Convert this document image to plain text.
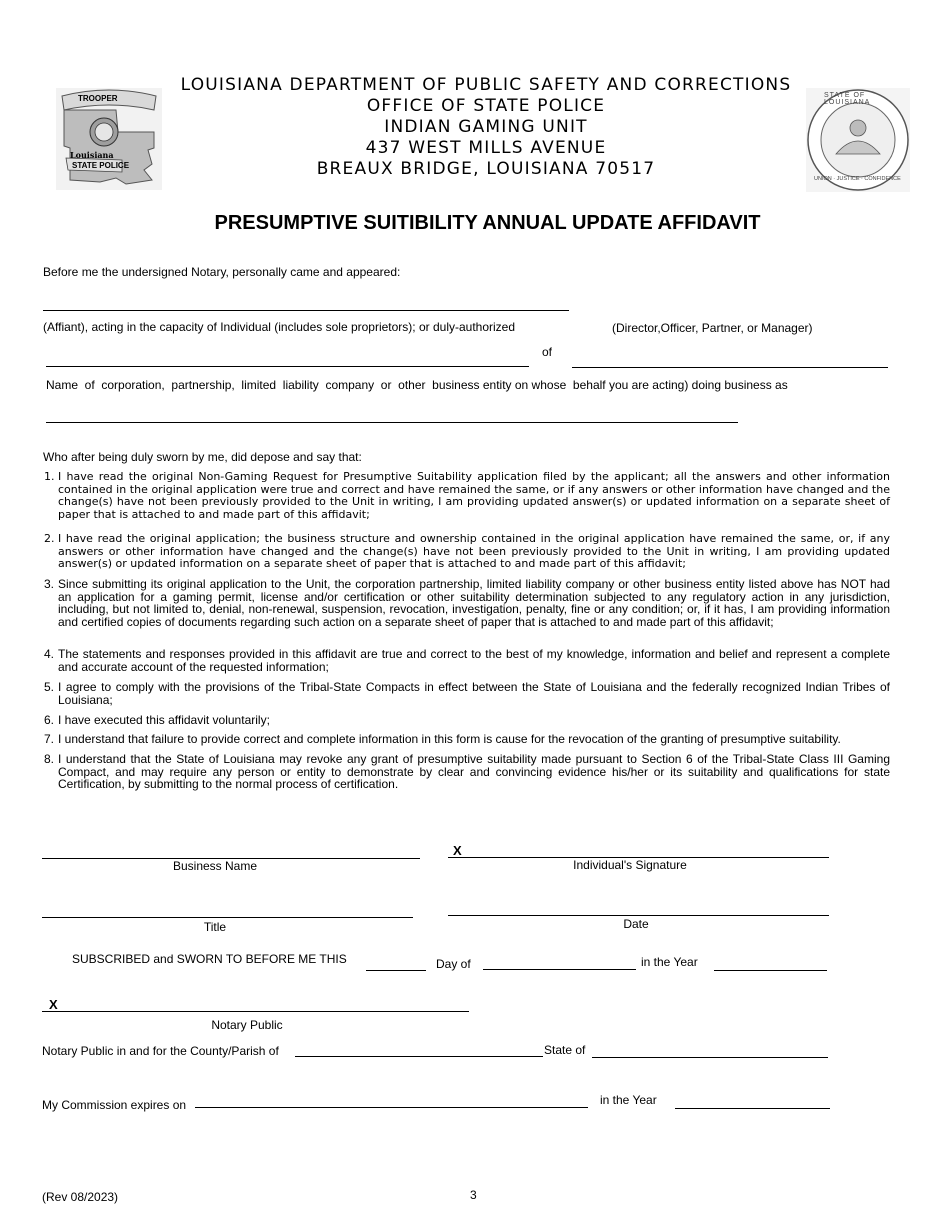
TROOPER
Louisiana
STATE POLICE
STATE OF LOUISIANA
UNION · JUSTICE · CONFIDENCE
LOUISIANA DEPARTMENT OF PUBLIC SAFETY AND CORRECTIONS
OFFICE OF STATE POLICE
INDIAN GAMING UNIT
437 WEST MILLS AVENUE
BREAUX BRIDGE, LOUISIANA 70517
PRESUMPTIVE SUITIBILITY ANNUAL UPDATE AFFIDAVIT
Before me the undersigned Notary, personally came and appeared:
(Affiant), acting in the capacity of Individual (includes sole proprietors); or duly-authorized	(Director,Officer, Partner, or Manager)
of
Name  of  corporation,  partnership,  limited  liability  company  or  other  business entity on whose  behalf you are acting) doing business as
Who after being duly sworn by me, did depose and say that:
1. I have read the original Non-Gaming Request for Presumptive Suitability application filed by the applicant; all the answers and other information contained in the original application were true and correct and have remained the same, or if any answers or other information have changed and the change(s) have not been previously provided to the Unit in writing, I am providing updated answer(s) or updated information on a separate sheet of paper that is attached to and made part of this affidavit;
2. I have read the original application; the business structure and ownership contained in the original application have remained the same, or, if any answers or other information have changed and the change(s) have not been previously provided to the Unit in writing, I am providing updated answer(s) or updated information on a separate sheet of paper that is attached to and made part of this affidavit;
3. Since submitting its original application to the Unit, the corporation partnership, limited liability company or other business entity listed above has NOT had an application for a gaming permit, license and/or certification or other suitability determination subjected to any regulatory action in any jurisdiction, including, but not limited to, denial, non-renewal, suspension, revocation, investigation, penalty, fine or any condition; or, if it has, I am providing information and certified copies of documents regarding such action on a separate sheet of paper that is attached to and made part of this affidavit;
4. The statements and responses provided in this affidavit are true and correct to the best of my knowledge, information and belief and represent a complete and accurate account of the requested information;
5. I agree to comply with the provisions of the Tribal-State Compacts in effect between the State of Louisiana and the federally recognized Indian Tribes of Louisiana;
6. I have executed this affidavit voluntarily;
7. I understand that failure to provide correct and complete information in this form is cause for the revocation of the granting of presumptive suitability.
8. I understand that the State of Louisiana may revoke any grant of presumptive suitability made pursuant to Section 6 of the Tribal-State Class III Gaming Compact, and may require any person or entity to demonstrate by clear and convincing evidence his/her or its suitability and qualifications for state Certification, by submitting to the normal process of certification.
Business Name
X
Individual's Signature
Title	Date
SUBSCRIBED and SWORN TO BEFORE ME THIS	Day of	in the Year
X
Notary Public
Notary Public in and for the County/Parish of	State of
My Commission expires on	in the Year
(Rev 08/2023)	3
